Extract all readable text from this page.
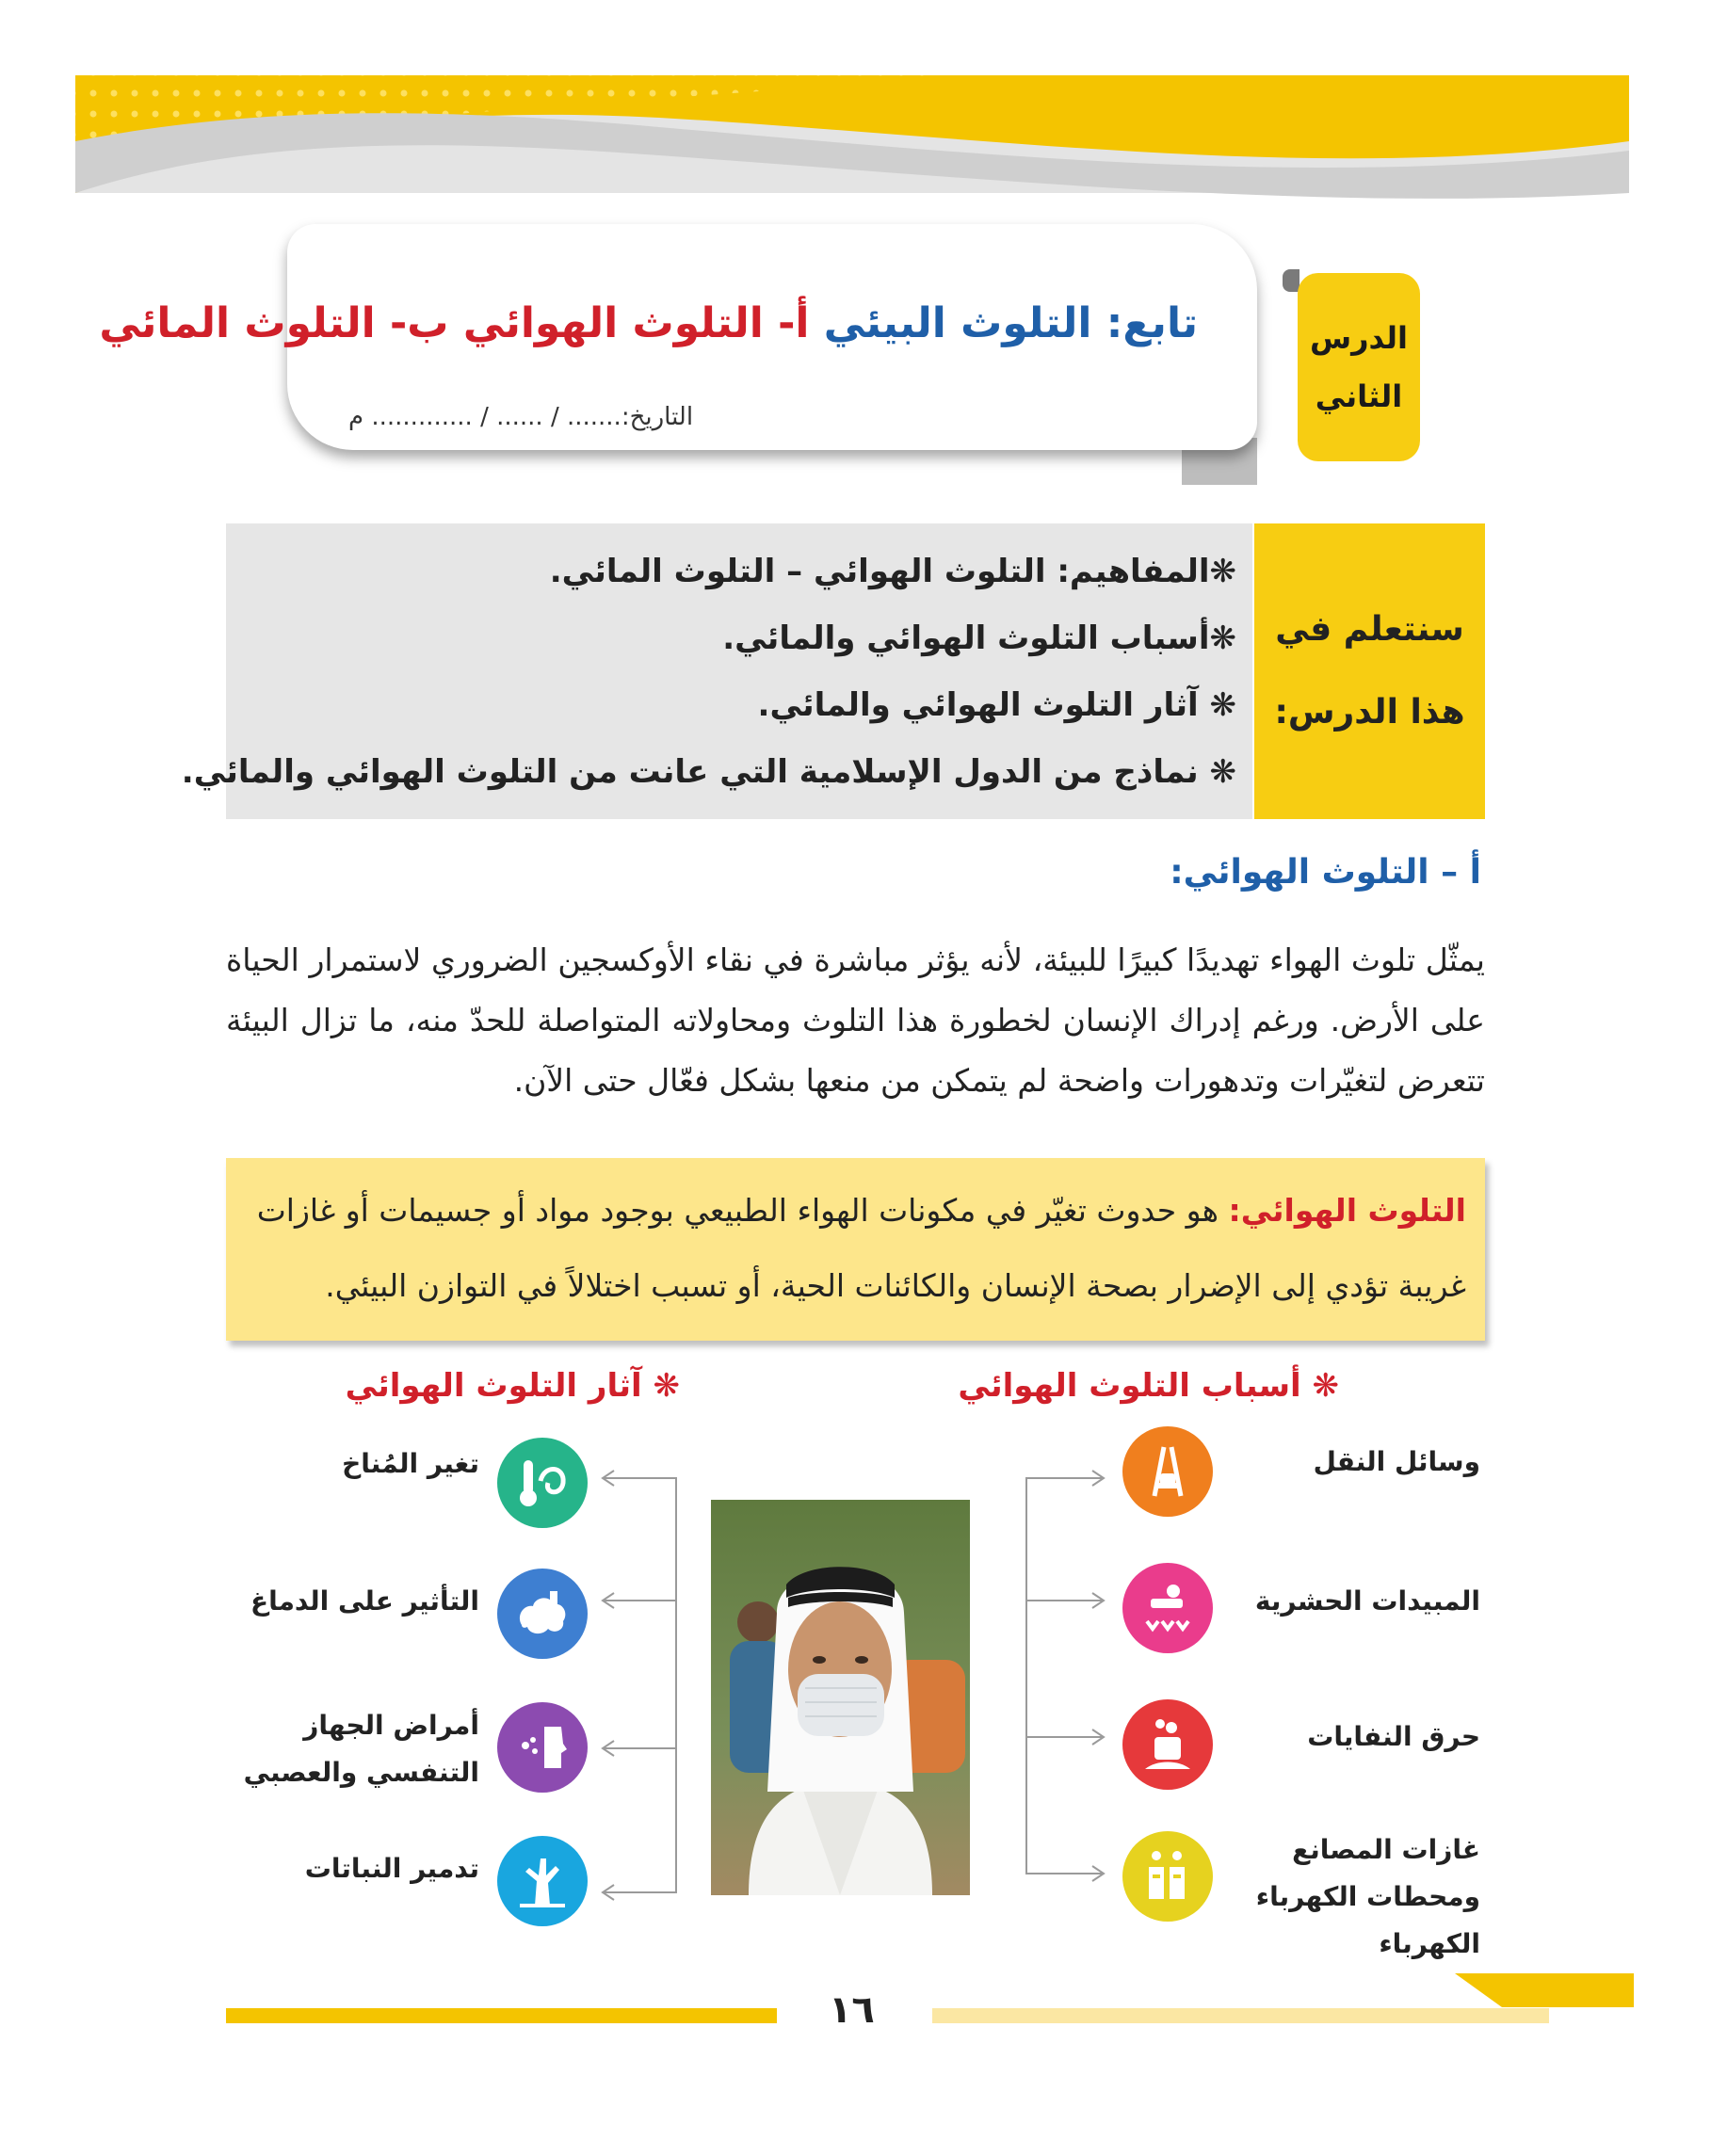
تابع: التلوث البيئي أ- التلوث الهوائي ب- التلوث المائي
التاريخ:....... / ...... / ............. م
الدرس
الثاني
سنتعلم في
هذا الدرس:
❋المفاهيم: التلوث الهوائي – التلوث المائي.
❋أسباب التلوث الهوائي والمائي.
❋ آثار التلوث الهوائي والمائي.
❋ نماذج من الدول الإسلامية التي عانت من التلوث الهوائي والمائي.
أ – التلوث الهوائي:
يمثّل تلوث الهواء تهديدًا كبيرًا للبيئة، لأنه يؤثر مباشرة في نقاء الأوكسجين الضروري لاستمرار الحياة على الأرض. ورغم إدراك الإنسان لخطورة هذا التلوث ومحاولاته المتواصلة للحدّ منه، ما تزال البيئة تتعرض لتغيّرات وتدهورات واضحة لم يتمكن من منعها بشكل فعّال حتى الآن.
التلوث الهوائي: هو حدوث تغيّر في مكونات الهواء الطبيعي بوجود مواد أو جسيمات أو غازات غريبة تؤدي إلى الإضرار بصحة الإنسان والكائنات الحية، أو تسبب اختلالاً في التوازن البيئي.
❋ أسباب التلوث الهوائي
❋ آثار التلوث الهوائي
وسائل النقل
المبيدات الحشرية
حرق النفايات
غازات المصانع ومحطات الكهرباء الكهرباء
تغير المُناخ
التأثير على الدماغ
أمراض الجهاز التنفسي والعصبي
تدمير النباتات
١٦
